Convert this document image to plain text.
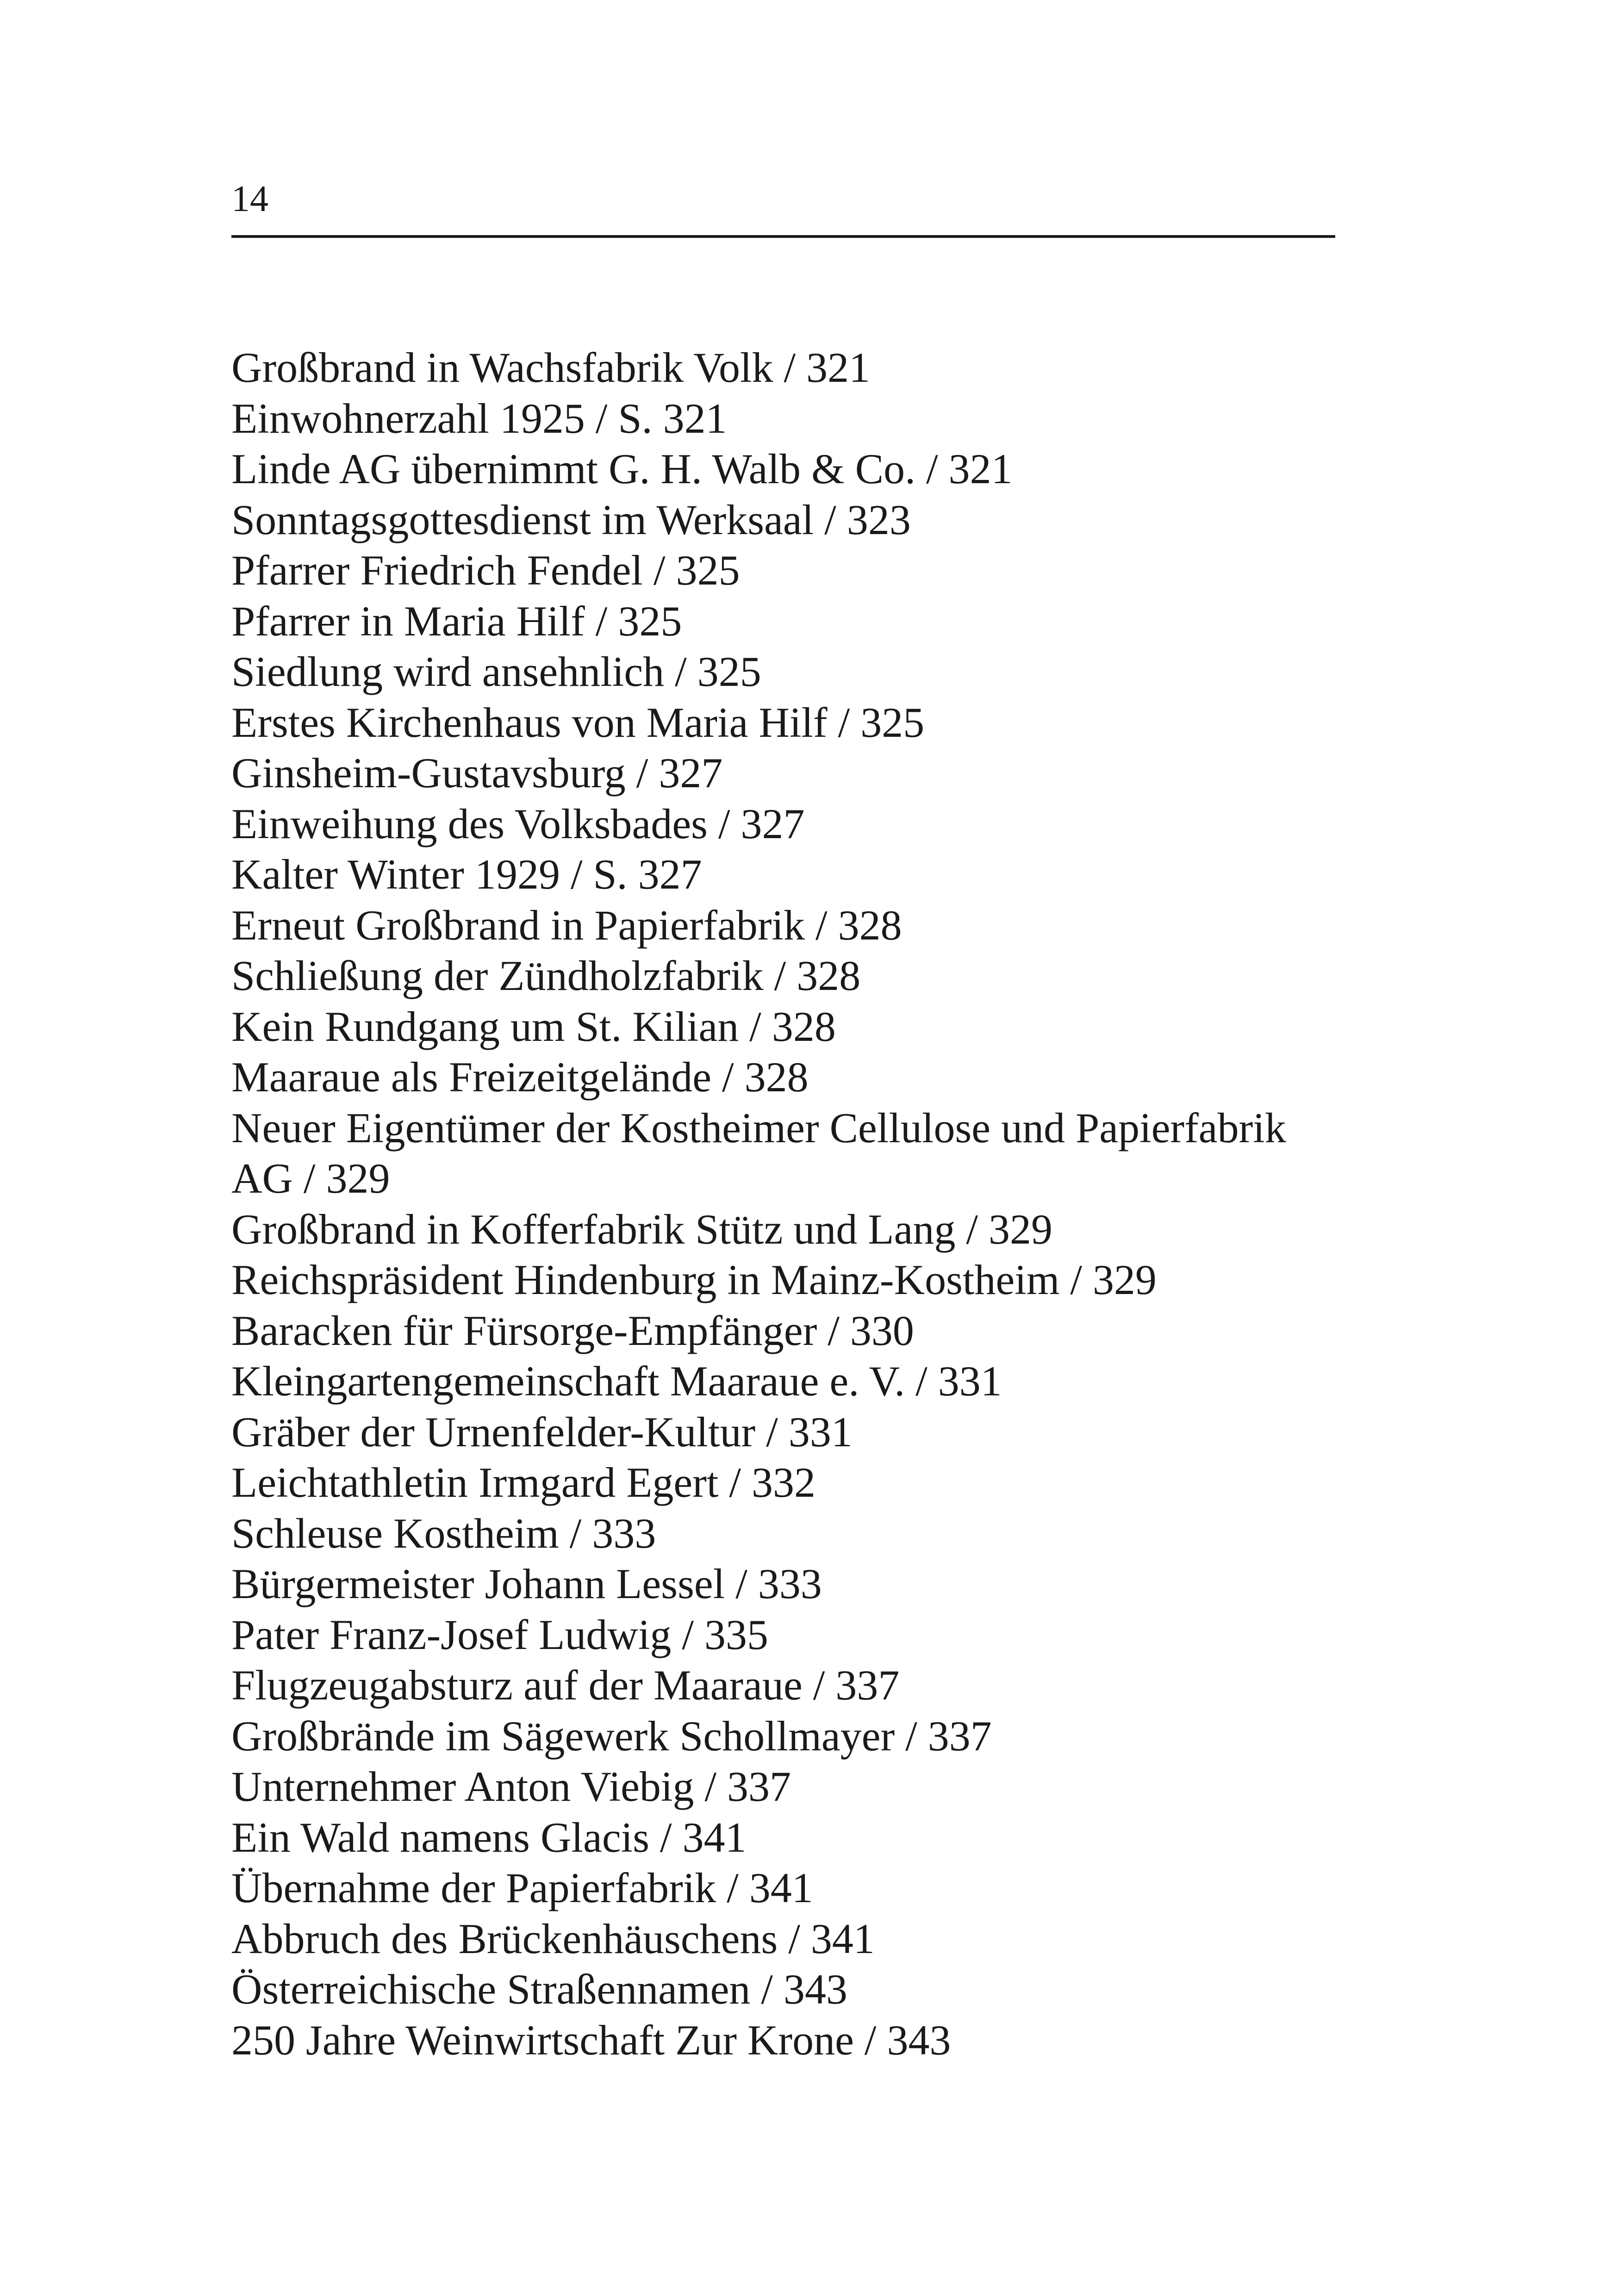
14
Großbrand in Wachsfabrik Volk / 321
Einwohnerzahl 1925 / S. 321
Linde AG übernimmt G. H. Walb & Co. / 321
Sonntagsgottesdienst im Werksaal / 323
Pfarrer Friedrich Fendel / 325
Pfarrer in Maria Hilf / 325
Siedlung wird ansehnlich / 325
Erstes Kirchenhaus von Maria Hilf / 325
Ginsheim-Gustavsburg / 327
Einweihung des Volksbades / 327
Kalter Winter 1929 / S. 327
Erneut Großbrand in Papierfabrik / 328
Schließung der Zündholzfabrik / 328
Kein Rundgang um St. Kilian / 328
Maaraue als Freizeitgelände / 328
Neuer Eigentümer der Kostheimer Cellulose und Papierfabrik AG / 329
Großbrand in Kofferfabrik Stütz und Lang / 329
Reichspräsident Hindenburg in Mainz-Kostheim / 329
Baracken für Fürsorge-Empfänger / 330
Kleingartengemeinschaft Maaraue e. V. / 331
Gräber der Urnenfelder-Kultur / 331
Leichtathletin Irmgard Egert / 332
Schleuse Kostheim / 333
Bürgermeister Johann Lessel / 333
Pater Franz-Josef Ludwig / 335
Flugzeugabsturz auf der Maaraue / 337
Großbrände im Sägewerk Schollmayer / 337
Unternehmer Anton Viebig / 337
Ein Wald namens Glacis / 341
Übernahme der Papierfabrik / 341
Abbruch des Brückenhäuschens / 341
Österreichische Straßennamen / 343
250 Jahre Weinwirtschaft Zur Krone / 343
